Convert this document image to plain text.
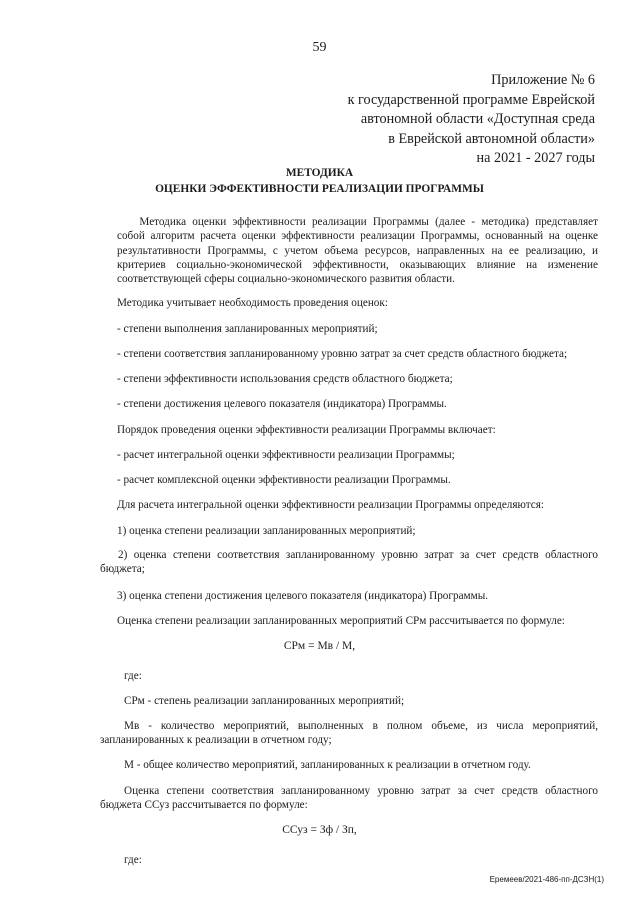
59
Приложение № 6
к государственной программе Еврейской
автономной области «Доступная среда
в Еврейской автономной области»
на 2021 - 2027 годы
МЕТОДИКА
ОЦЕНКИ ЭФФЕКТИВНОСТИ РЕАЛИЗАЦИИ ПРОГРАММЫ
Методика оценки эффективности реализации Программы (далее - методика) представляет собой алгоритм расчета оценки эффективности реализации Программы, основанный на оценке результативности Программы, с учетом объема ресурсов, направленных на ее реализацию, и критериев социально-экономической эффективности, оказывающих влияние на изменение соответствующей сферы социально-экономического развития области.
Методика учитывает необходимость проведения оценок:
- степени выполнения запланированных мероприятий;
- степени соответствия запланированному уровню затрат за счет средств областного бюджета;
- степени эффективности использования средств областного бюджета;
- степени достижения целевого показателя (индикатора) Программы.
Порядок проведения оценки эффективности реализации Программы включает:
- расчет интегральной оценки эффективности реализации Программы;
- расчет комплексной оценки эффективности реализации Программы.
Для расчета интегральной оценки эффективности реализации Программы определяются:
1) оценка степени реализации запланированных мероприятий;
2) оценка степени соответствия запланированному уровню затрат за счет средств областного бюджета;
3) оценка степени достижения целевого показателя (индикатора) Программы.
Оценка степени реализации запланированных мероприятий СРм рассчитывается по формуле:
СРм = Мв / М,
где:
СРм - степень реализации запланированных мероприятий;
Мв - количество мероприятий, выполненных в полном объеме, из числа мероприятий, запланированных к реализации в отчетном году;
М - общее количество мероприятий, запланированных к реализации в отчетном году.
Оценка степени соответствия запланированному уровню затрат за счет средств областного бюджета ССуз рассчитывается по формуле:
ССуз = Зф / Зп,
где:
Еремеев/2021-486-пп-ДСЗН(1)
